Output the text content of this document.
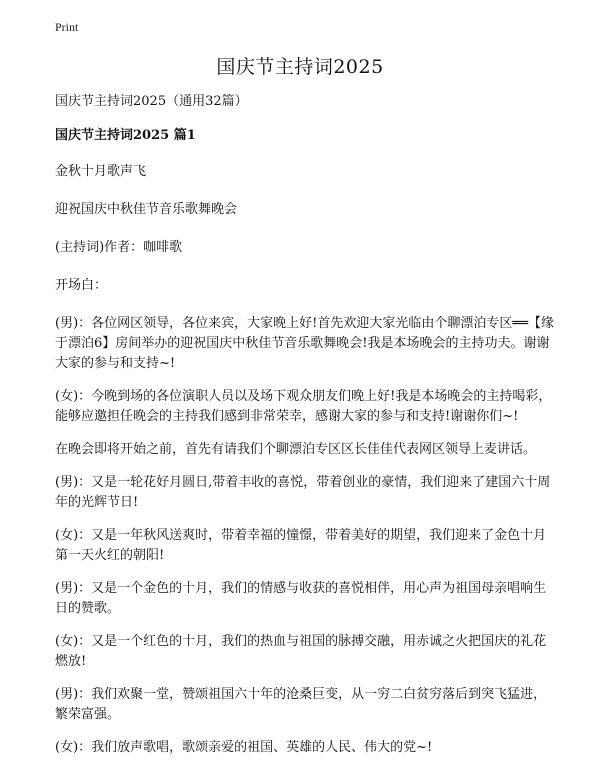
Print
国庆节主持词2025

国庆节主持词2025（通用32篇）

国庆节主持词2025 篇1

金秋十月歌声飞

迎祝国庆中秋佳节音乐歌舞晚会

(主持词)作者：咖啡歌

开场白：

(男)：各位网区领导，各位来宾，大家晚上好!首先欢迎大家光临由个聊漂泊专区══【缘于漂泊6】房间举办的迎祝国庆中秋佳节音乐歌舞晚会!我是本场晚会的主持功夫。谢谢大家的参与和支持~!

(女)：今晚到场的各位演职人员以及场下观众朋友们晚上好!我是本场晚会的主持喝彩，能够应邀担任晚会的主持我们感到非常荣幸，感谢大家的参与和支持!谢谢你们~!

在晚会即将开始之前，首先有请我们个聊漂泊专区区长佳佳代表网区领导上麦讲话。

(男)：又是一轮花好月圆日,带着丰收的喜悦，带着创业的豪情，我们迎来了建国六十周年的光辉节日!

(女)：又是一年秋风送爽时，带着幸福的憧憬，带着美好的期望，我们迎来了金色十月第一天火红的朝阳!

(男)：又是一个金色的十月，我们的情感与收获的喜悦相伴，用心声为祖国母亲唱响生日的赞歌。

(女)：又是一个红色的十月，我们的热血与祖国的脉搏交融，用赤诚之火把国庆的礼花燃放!

(男)：我们欢聚一堂，赞颂祖国六十年的沧桑巨变，从一穷二白贫穷落后到突飞猛进，繁荣富强。

(女)：我们放声歌唱，歌颂亲爱的祖国、英雄的人民、伟大的党~!
